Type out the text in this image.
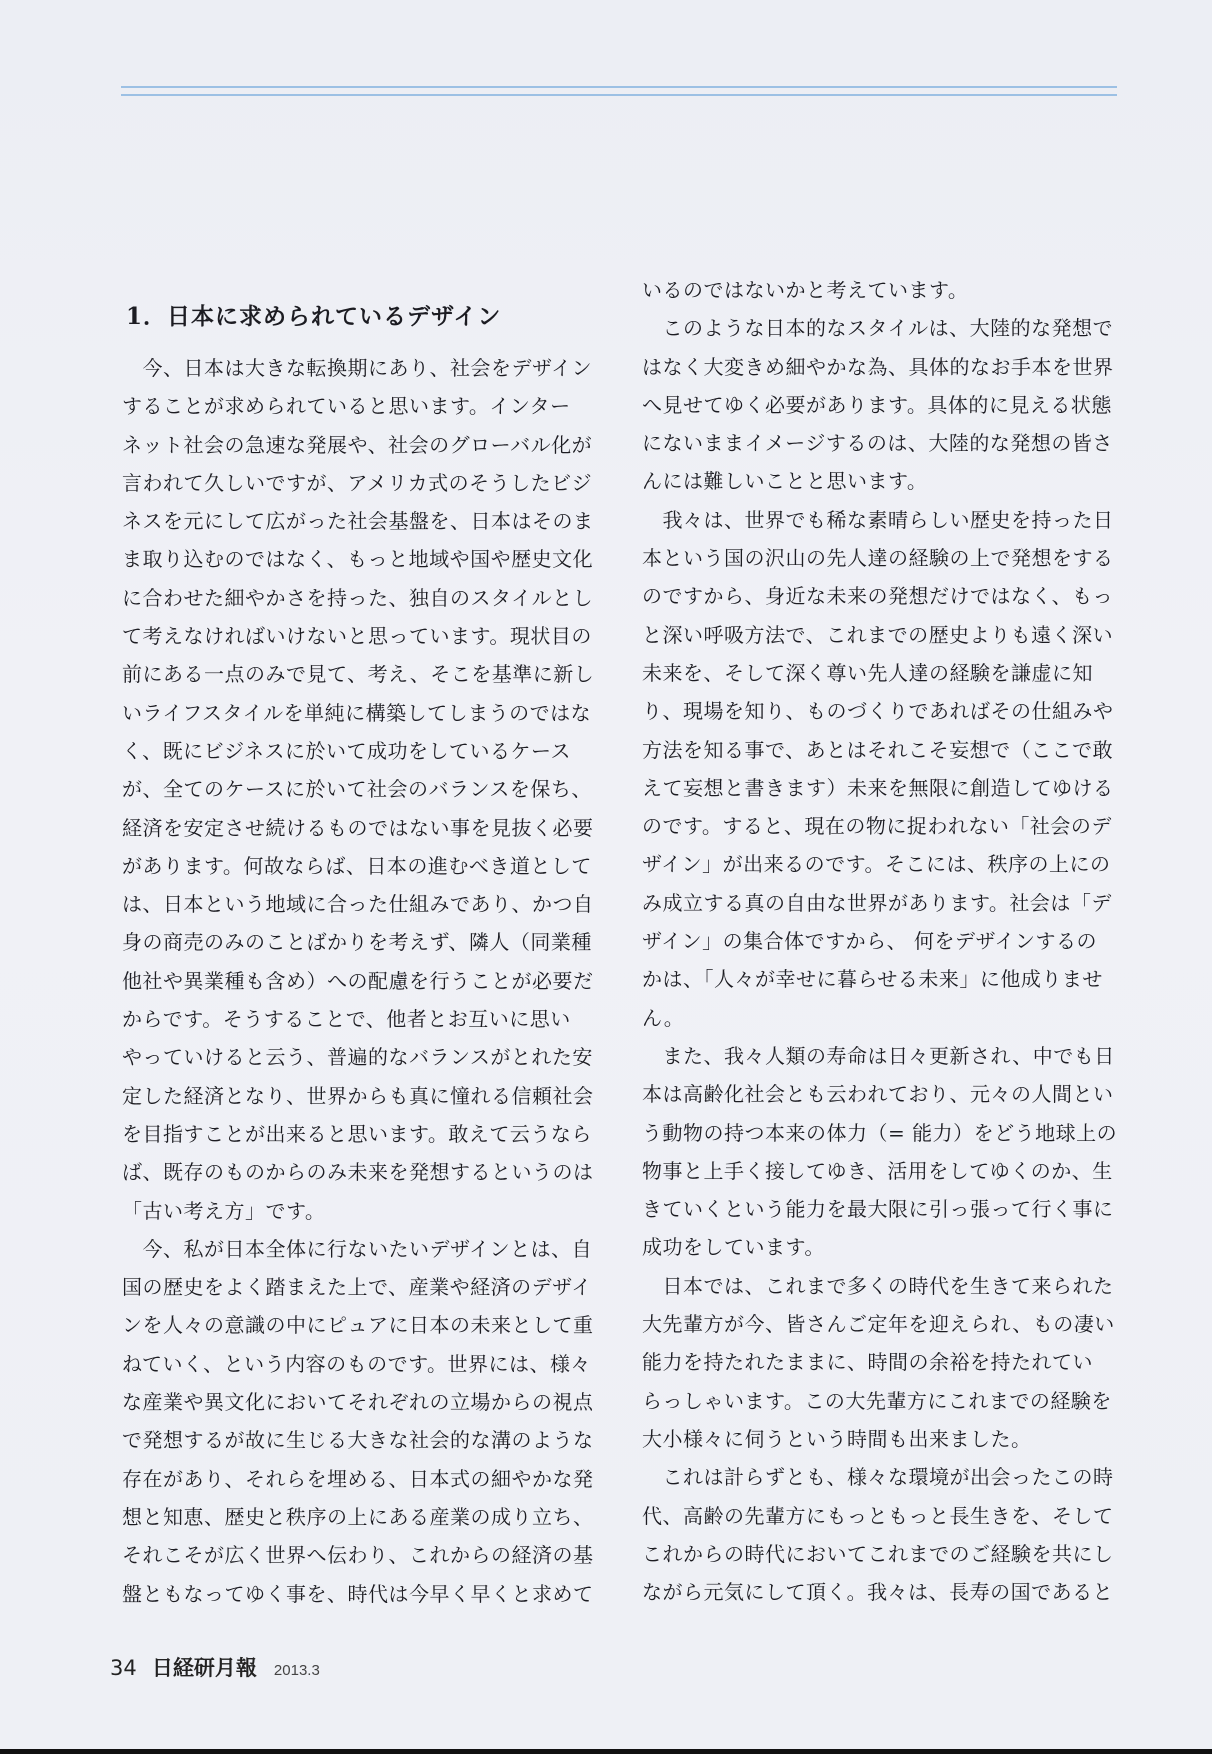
1．日本に求められているデザイン
今、日本は大きな転換期にあり、社会をデザイン
することが求められていると思います。インター
ネット社会の急速な発展や、社会のグローバル化が
言われて久しいですが、アメリカ式のそうしたビジ
ネスを元にして広がった社会基盤を、日本はそのま
ま取り込むのではなく、もっと地域や国や歴史文化
に合わせた細やかさを持った、独自のスタイルとし
て考えなければいけないと思っています。現状目の
前にある一点のみで見て、考え、そこを基準に新し
いライフスタイルを単純に構築してしまうのではな
く、既にビジネスに於いて成功をしているケース
が、全てのケースに於いて社会のバランスを保ち、
経済を安定させ続けるものではない事を見抜く必要
があります。何故ならば、日本の進むべき道として
は、日本という地域に合った仕組みであり、かつ自
身の商売のみのことばかりを考えず、隣人（同業種
他社や異業種も含め）への配慮を行うことが必要だ
からです。そうすることで、他者とお互いに思い
やっていけると云う、普遍的なバランスがとれた安
定した経済となり、世界からも真に憧れる信頼社会
を目指すことが出来ると思います。敢えて云うなら
ば、既存のものからのみ未来を発想するというのは
「古い考え方」です。
今、私が日本全体に行ないたいデザインとは、自
国の歴史をよく踏まえた上で、産業や経済のデザイ
ンを人々の意識の中にピュアに日本の未来として重
ねていく、という内容のものです。世界には、様々
な産業や異文化においてそれぞれの立場からの視点
で発想するが故に生じる大きな社会的な溝のような
存在があり、それらを埋める、日本式の細やかな発
想と知恵、歴史と秩序の上にある産業の成り立ち、
それこそが広く世界へ伝わり、これからの経済の基
盤ともなってゆく事を、時代は今早く早くと求めて
いるのではないかと考えています。
このような日本的なスタイルは、大陸的な発想で
はなく大変きめ細やかな為、具体的なお手本を世界
へ見せてゆく必要があります。具体的に見える状態
にないままイメージするのは、大陸的な発想の皆さ
んには難しいことと思います。
我々は、世界でも稀な素晴らしい歴史を持った日
本という国の沢山の先人達の経験の上で発想をする
のですから、身近な未来の発想だけではなく、もっ
と深い呼吸方法で、これまでの歴史よりも遠く深い
未来を、そして深く尊い先人達の経験を謙虚に知
り、現場を知り、ものづくりであればその仕組みや
方法を知る事で、あとはそれこそ妄想で（ここで敢
えて妄想と書きます）未来を無限に創造してゆける
のです。すると、現在の物に捉われない「社会のデ
ザイン」が出来るのです。そこには、秩序の上にの
み成立する真の自由な世界があります。社会は「デ
ザイン」の集合体ですから、 何をデザインするの
かは、「人々が幸せに暮らせる未来」に他成りませ
ん。
また、我々人類の寿命は日々更新され、中でも日
本は高齢化社会とも云われており、元々の人間とい
う動物の持つ本来の体力（= 能力）をどう地球上の
物事と上手く接してゆき、活用をしてゆくのか、生
きていくという能力を最大限に引っ張って行く事に
成功をしています。
日本では、これまで多くの時代を生きて来られた
大先輩方が今、皆さんご定年を迎えられ、もの凄い
能力を持たれたままに、時間の余裕を持たれてい
らっしゃいます。この大先輩方にこれまでの経験を
大小様々に伺うという時間も出来ました。
これは計らずとも、様々な環境が出会ったこの時
代、高齢の先輩方にもっともっと長生きを、そして
これからの時代においてこれまでのご経験を共にし
ながら元気にして頂く。我々は、長寿の国であると
34 日経研月報 2013.3
